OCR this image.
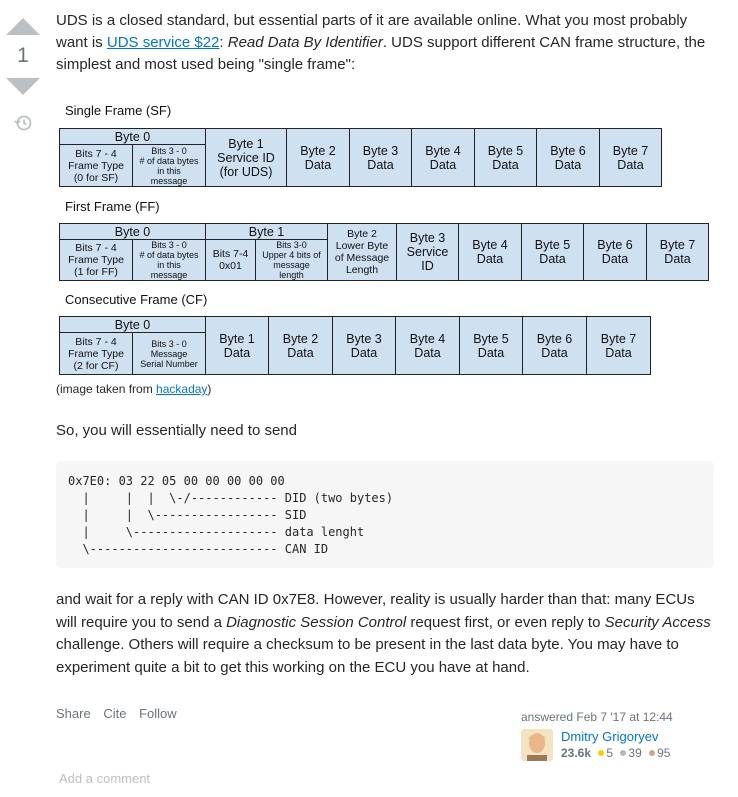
1

UDS is a closed standard, but essential parts of it are available online. What you most probably want is UDS service $22: Read Data By Identifier. UDS support different CAN frame structure, the simplest and most used being "single frame":

Single Frame (SF)
Byte 0
Bits 7 - 4
Frame Type
(0 for SF)
Bits 3 - 0
# of data bytes
in this
message
Byte 1
Service ID
(for UDS)
Byte 2
Data
Byte 3
Data
Byte 4
Data
Byte 5
Data
Byte 6
Data
Byte 7
Data
First Frame (FF)
Byte 0
Bits 7 - 4
Frame Type
(1 for FF)
Bits 3 - 0
# of data bytes
in this
message
Byte 1
Bits 7-4
0x01
Bits 3-0
Upper 4 bits of
message
length
Byte 2
Lower Byte
of Message
Length
Byte 3
Service
ID
Byte 4
Data
Byte 5
Data
Byte 6
Data
Byte 7
Data
Consecutive Frame (CF)
Byte 0
Bits 7 - 4
Frame Type
(2 for CF)
Bits 3 - 0
Message
Serial Number
Byte 1
Data
Byte 2
Data
Byte 3
Data
Byte 4
Data
Byte 5
Data
Byte 6
Data
Byte 7
Data
(image taken from hackaday)
So, you will essentially need to send
0x7E0: 03 22 05 00 00 00 00 00
|     |  |  \-/------------ DID (two bytes)
|     |  \----------------- SID
|     \-------------------- data lenght
\-------------------------- CAN ID
and wait for a reply with CAN ID 0x7E8. However, reality is usually harder than that: many ECUs will require you to send a Diagnostic Session Control request first, or even reply to Security Access challenge. Others will require a checksum to be present in the last data byte. You may have to experiment quite a bit to get this working on the ECU you have at hand.
Share Cite Follow	answered Feb 7 '17 at 12:44
Dmitry Grigoryev
23.6k 5 39 95
Add a comment
